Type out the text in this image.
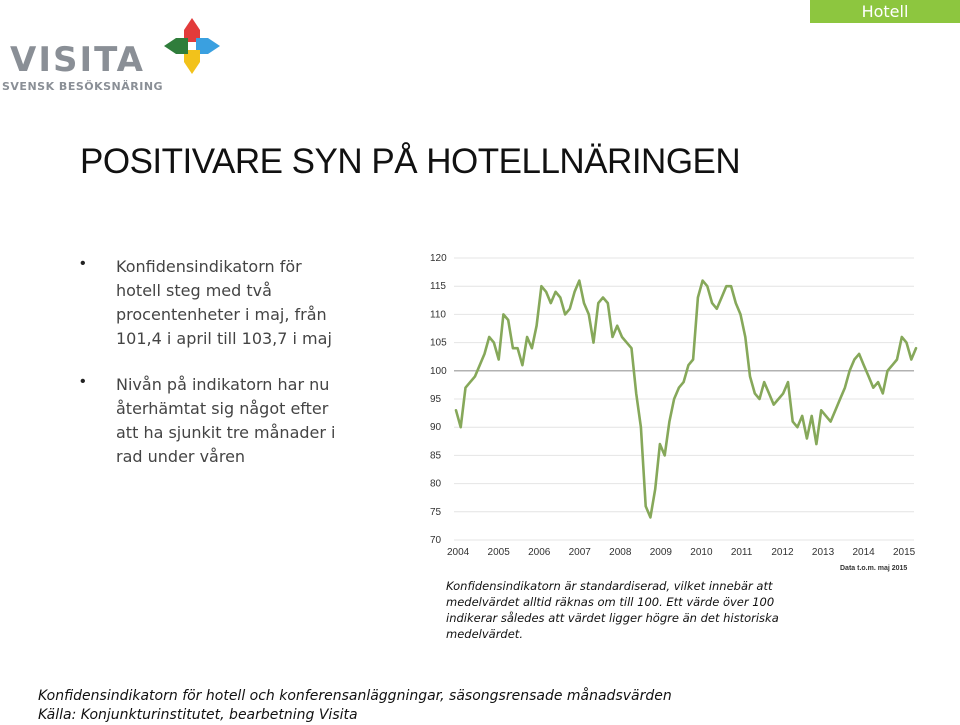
Hotell
VISITA
SVENSK BESÖKSNÄRING
POSITIVARE SYN PÅ HOTELLNÄRINGEN
• Konfidensindikatorn för
hotell steg med två
procentenheter i maj, från
101,4 i april till 103,7 i maj
• Nivån på indikatorn har nu
återhämtat sig något efter
att ha sjunkit tre månader i
rad under våren
70
75
80
85
90
95
100
105
110
115
120
2004 2005 2006 2007 2008 2009 2010 2011 2012 2013 2014 2015
Data t.o.m. maj 2015
Konfidensindikatorn är standardiserad, vilket innebär att
medelvärdet alltid räknas om till 100. Ett värde över 100
indikerar således att värdet ligger högre än det historiska
medelvärdet.
Konfidensindikatorn för hotell och konferensanläggningar, säsongsrensade månadsvärden
Källa: Konjunkturinstitutet, bearbetning Visita
